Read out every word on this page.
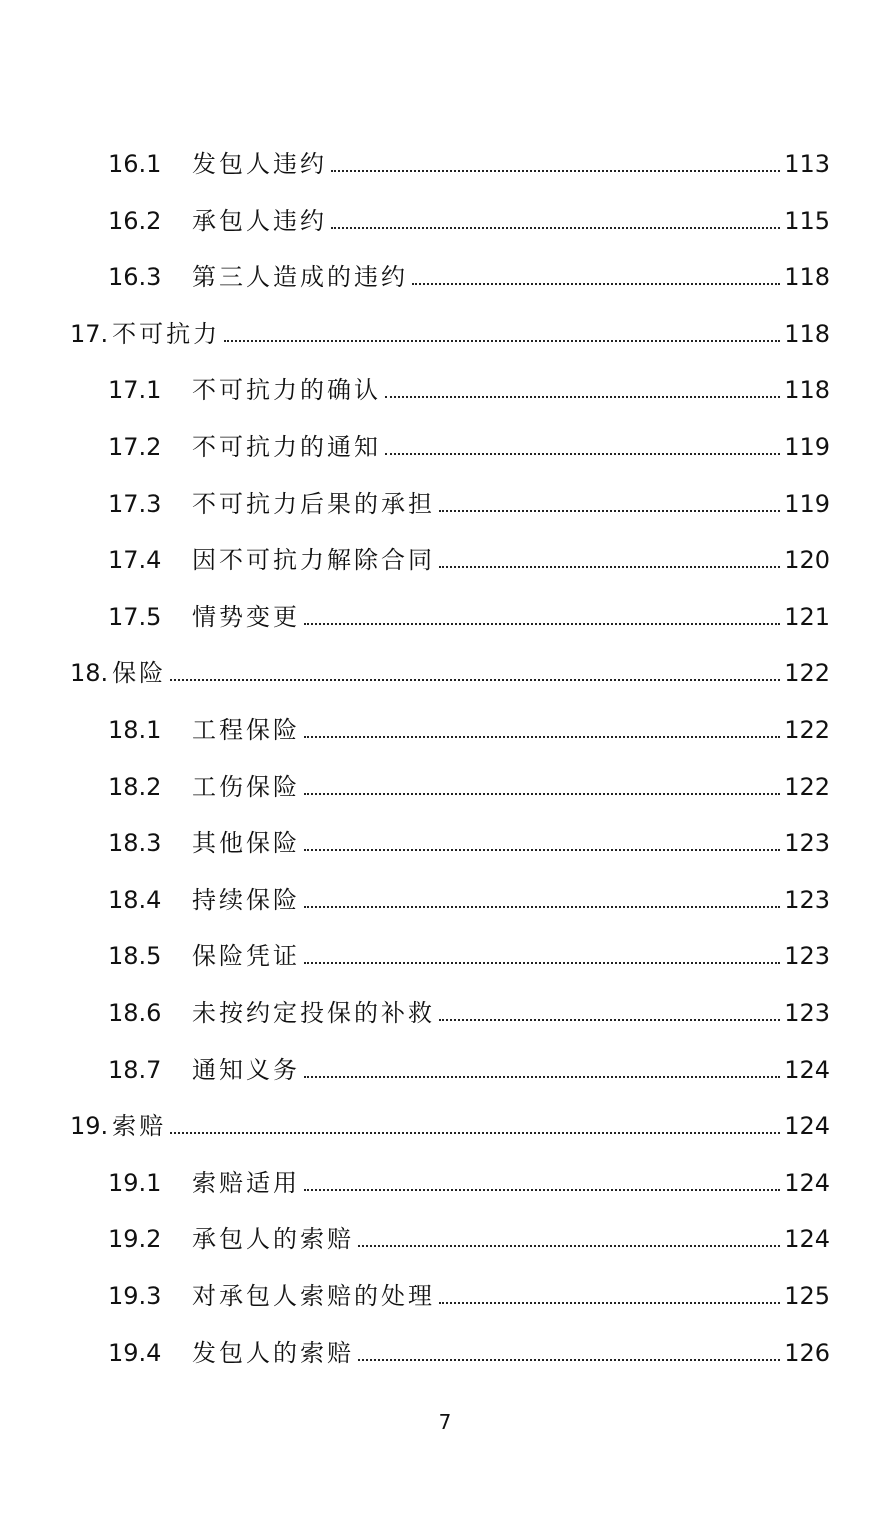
16.1	发包人违约	113
16.2	承包人违约	115
16.3	第三人造成的违约	118
17. 不可抗力	118
17.1	不可抗力的确认	118
17.2	不可抗力的通知	119
17.3	不可抗力后果的承担	119
17.4	因不可抗力解除合同	120
17.5	情势变更	121
18. 保险	122
18.1	工程保险	122
18.2	工伤保险	122
18.3	其他保险	123
18.4	持续保险	123
18.5	保险凭证	123
18.6	未按约定投保的补救	123
18.7	通知义务	124
19. 索赔	124
19.1	索赔适用	124
19.2	承包人的索赔	124
19.3	对承包人索赔的处理	125
19.4	发包人的索赔	126
7
